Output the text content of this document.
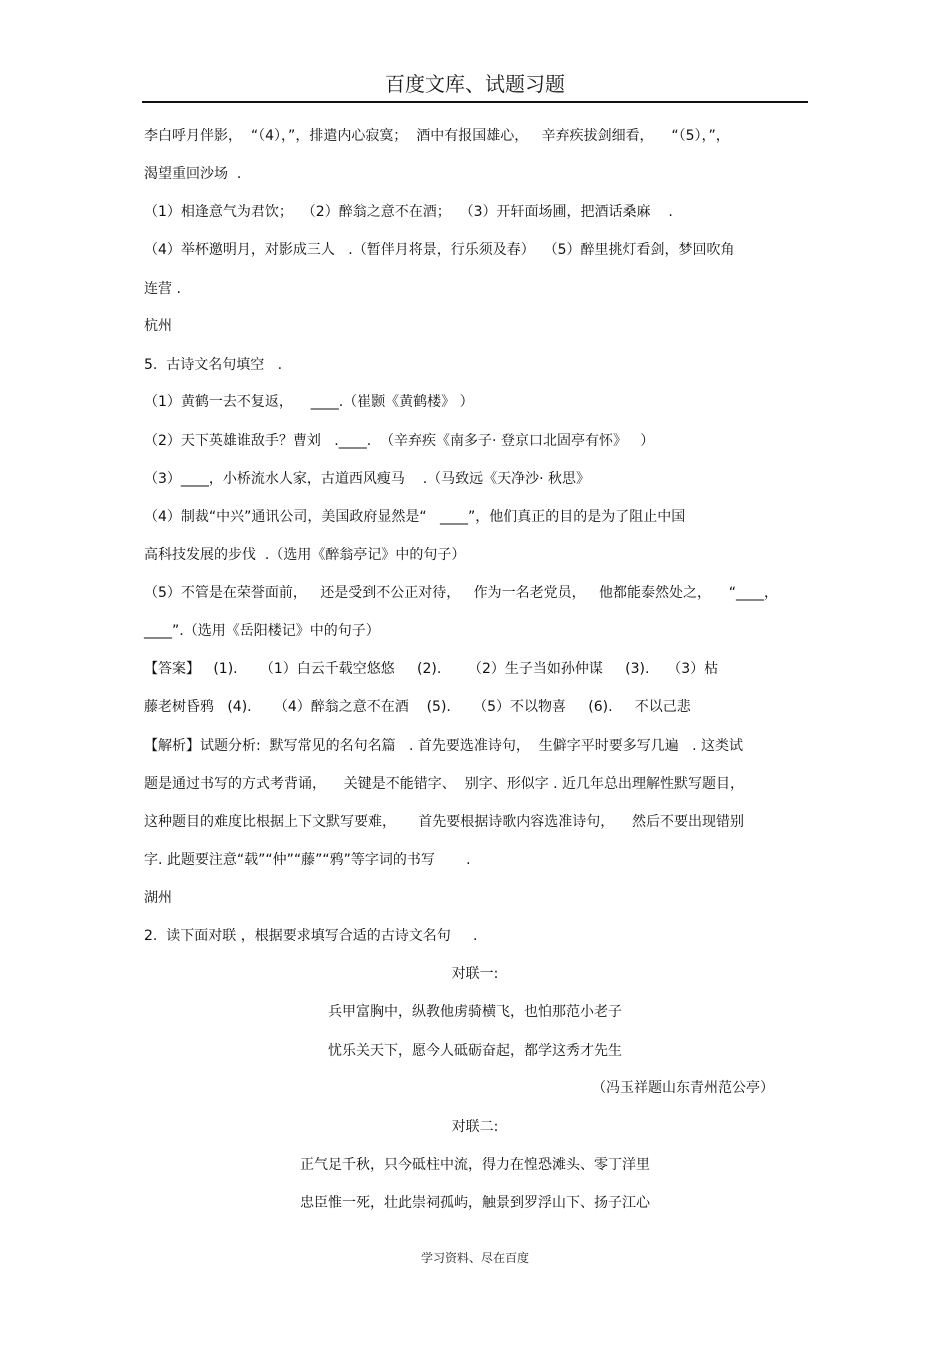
百度文库、试题习题
李白呼月伴影，  “（4），”，排遣内心寂寞；  酒中有报国雄心，   辛弃疾拔剑细看，    “（5），”，
渴望重回沙场  .
（1）相逢意气为君饮；  （2）醉翁之意不在酒；  （3）开轩面场圃，把酒话桑麻    .
（4）举杯邀明月，对影成三人   .（暂伴月将景，行乐须及春）  （5）醉里挑灯看剑，梦回吹角
连营 .
杭州
5.  古诗文名句填空   .
（1）黄鹤一去不复返，    ____.（崔颢《黄鹤楼》 ）
（2）天下英雄谁敌手？曹刘   .____.  （辛弃疾《南多子· 登京口北固亭有怀》   ）
（3）____，小桥流水人家，古道西风瘦马    .（马致远《天净沙· 秋思》
（4）制裁“中兴”通讯公司，美国政府显然是“   ____”，他们真正的目的是为了阻止中国
高科技发展的步伐  .（选用《醉翁亭记》中的句子）
（5）不管是在荣誉面前，   还是受到不公正对待，   作为一名老党员，   他都能泰然处之，    “____，
____”.（选用《岳阳楼记》中的句子）
【答案】   (1).     （1）白云千载空悠悠     (2).      （2）生子当如孙仲谋     (3).    （3）枯
藤老树昏鸦   (4).     （4）醉翁之意不在酒    (5).     （5）不以物喜     (6).     不以己悲
【解析】试题分析:  默写常见的名句名篇   . 首先要选准诗句，  生僻字平时要多写几遍   . 这类试
题是通过书写的方式考背诵，    关键是不能错字、  别字、形似字 . 近几年总出理解性默写题目，
这种题目的难度比根据上下文默写要难，     首先要根据诗歌内容选准诗句，    然后不要出现错别
字. 此题要注意“载”“仲”“藤”“鸦”等字词的书写       .
湖州
2.  读下面对联 ，根据要求填写合适的古诗文名句     .
对联一:
兵甲富胸中，纵教他虏骑横飞，也怕那范小老子
忧乐关天下，愿今人砥砺奋起，都学这秀才先生
（冯玉祥题山东青州范公亭）
对联二:
正气足千秋，只今砥柱中流，得力在惶恐滩头、零丁洋里
忠臣惟一死，壮此崇祠孤屿，触景到罗浮山下、扬子江心
学习资料、尽在百度
